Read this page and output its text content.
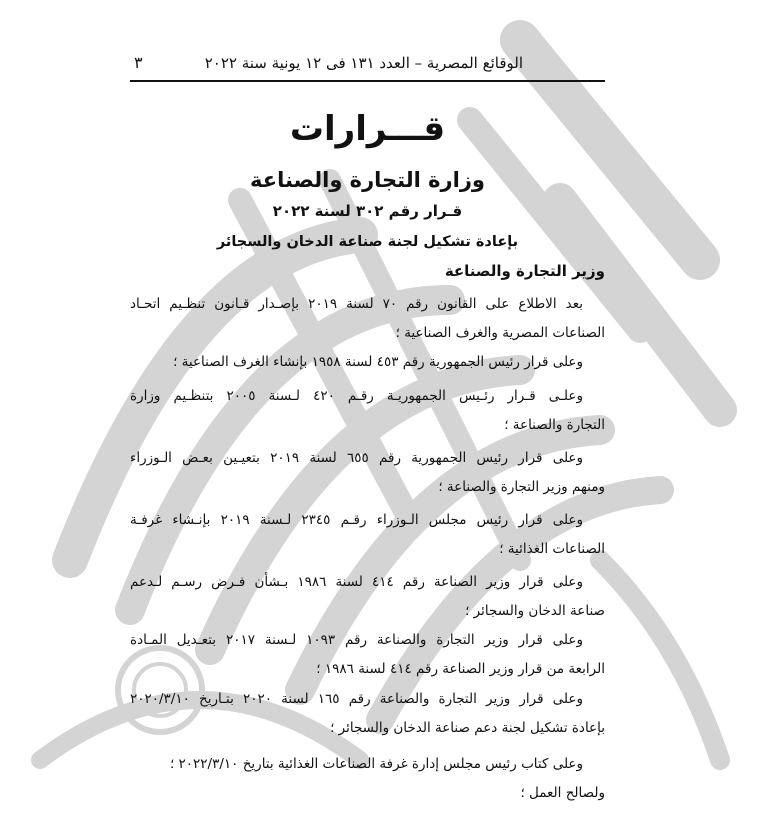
الوقائع المصرية – العدد ١٣١ فى ١٢ يونية سنة ٢٠٢٢
٣
قـــرارات
وزارة التجارة والصناعة
قـرار رقم ٣٠٢ لسنة ٢٠٢٢
بإعادة تشكيل لجنة صناعة الدخان والسجائر
وزير التجارة والصناعة
بعد الاطلاع على القانون رقم ٧٠ لسنة ٢٠١٩ بإصـدار قـانون تنظـيم اتحـاد
الصناعات المصرية والغرف الصناعية ؛
وعلى قرار رئيس الجمهورية رقم ٤٥٣ لسنة ١٩٥٨ بإنشاء الغرف الصناعية ؛
وعلـى قـرار رئـيس الجمهوريـة رقـم ٤٢٠ لـسنة ٢٠٠٥ بتنظـيم وزارة
التجارة والصناعة ؛
وعلى قرار رئيس الجمهورية رقم ٦٥٥ لسنة ٢٠١٩ بتعيـين بعـض الـوزراء
ومنهم وزير التجارة والصناعة ؛
وعلى قرار رئيس مجلس الـوزراء رقـم ٢٣٤٥ لـسنة ٢٠١٩ بإنـشاء غرفـة
الصناعات الغذائية ؛
وعلى قرار وزير الصناعة رقم ٤١٤ لسنة ١٩٨٦ بـشأن فـرض رسـم لـدعم
صناعة الدخان والسجائر ؛
وعلى قرار وزير التجارة والصناعة رقم ١٠٩٣ لـسنة ٢٠١٧ بتعـديل المـادة
الرابعة من قرار وزير الصناعة رقم ٤١٤ لسنة ١٩٨٦ ؛
وعلى قرار وزير التجارة والصناعة رقم ١٦٥ لسنة ٢٠٢٠ بتـاريخ ٢٠٢٠/٣/١٠
بإعادة تشكيل لجنة دعم صناعة الدخان والسجائر ؛
وعلى كتاب رئيس مجلس إدارة غرفة الصناعات الغذائية بتاريخ ٢٠٢٢/٣/١٠ ؛
ولصالح العمل ؛
